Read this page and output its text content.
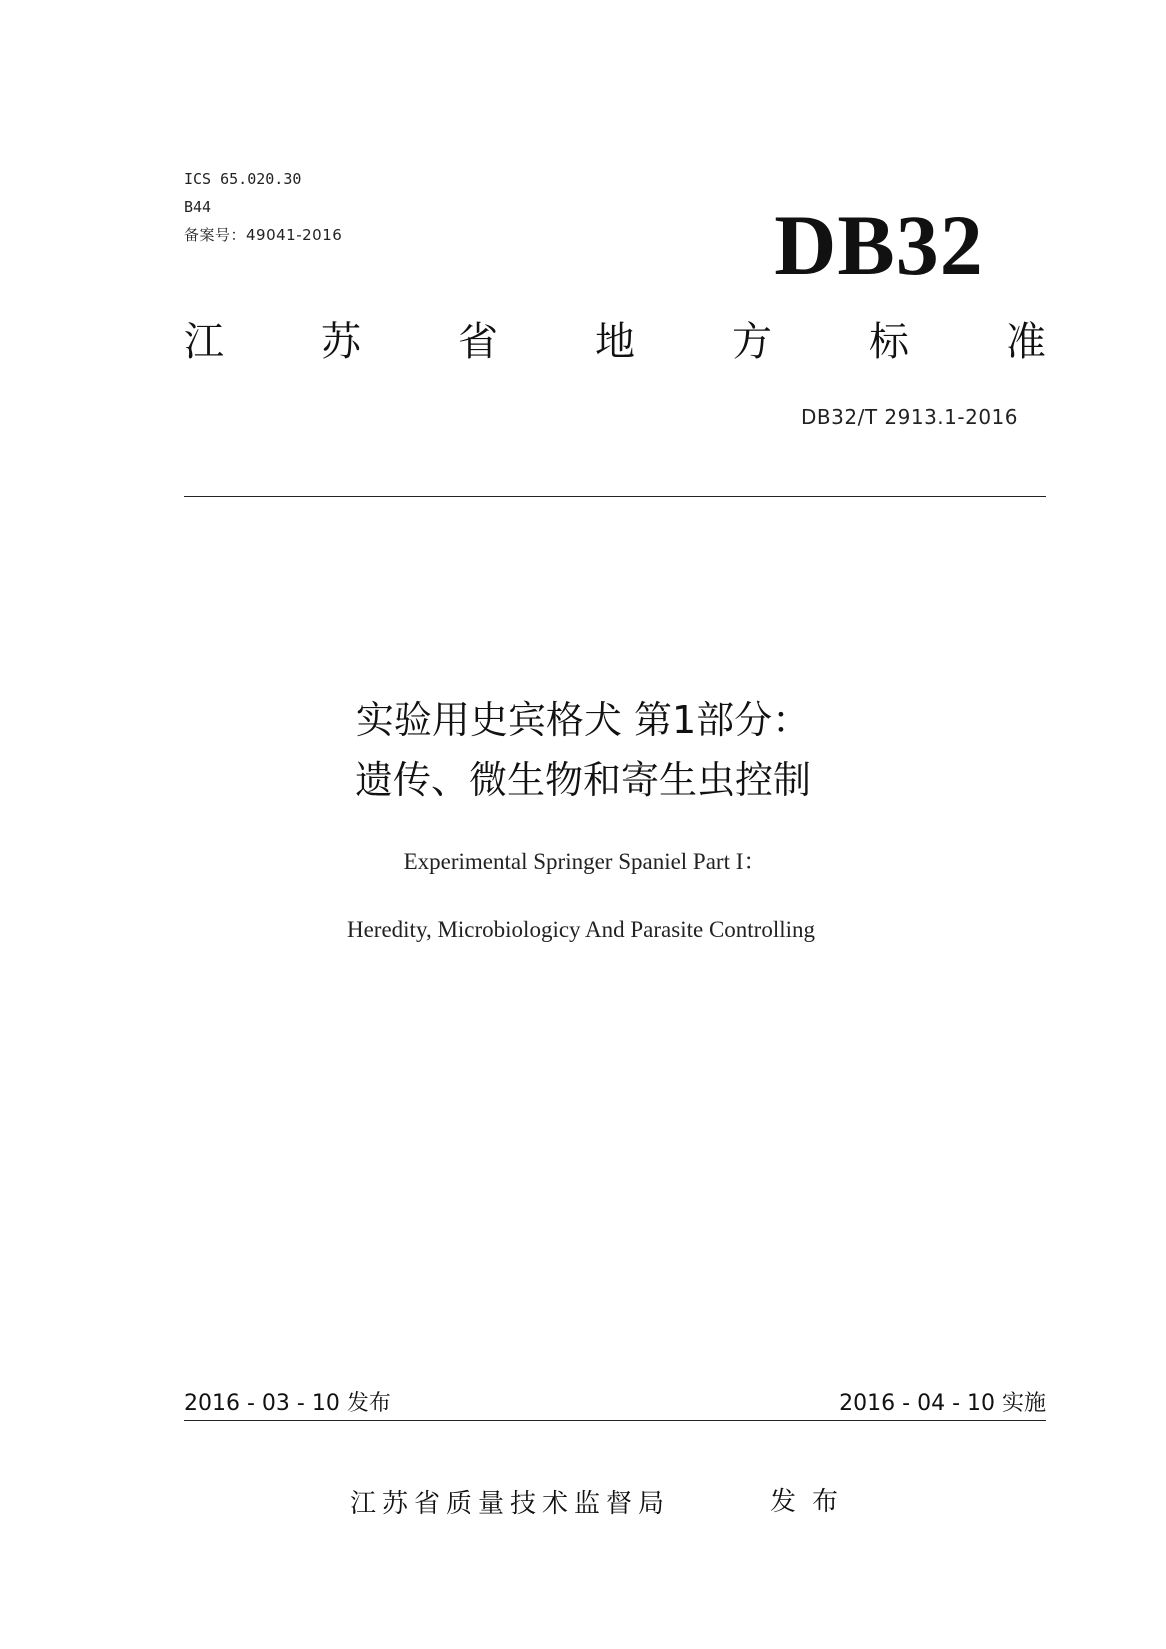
ICS 65.020.30

B44

备案号：49041-2016	DB32
江 苏 省 地 方 标 准
DB32/T 2913.1-2016
实验用史宾格犬 第1部分：
遗传、微生物和寄生虫控制

Experimental Springer Spaniel Part I：

Heredity, Microbiologicy And Parasite Controlling

2016 - 03 - 10 发布	2016 - 04 - 10 实施
江苏省质量技术监督局	发布
